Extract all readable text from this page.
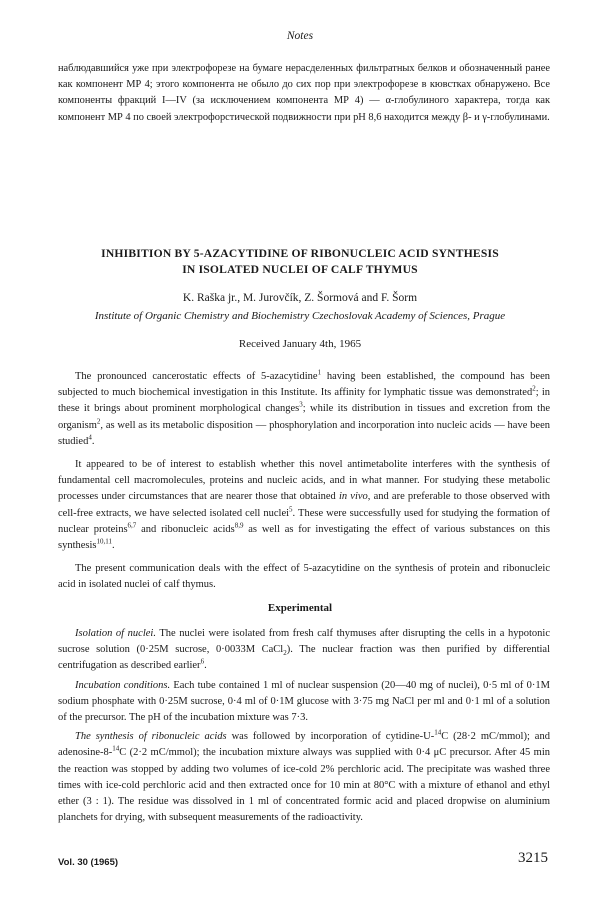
Notes
наблюдавшийся уже при электрофорезе на бумаге нерасделенных фильтратных белков и обозначенный ранее как компонент МР 4; этого компонента не обыло до сих пор при электрофорезе в кювстках обнаружено. Все компоненты фракций I—IV (за исключением компонента МР 4) — α-глобулиного характера, тогда как компонент МР 4 по своей электрофорстической подвижности при pH 8,6 находится между β- и γ-глобулинами.
INHIBITION BY 5-AZACYTIDINE OF RIBONUCLEIC ACID SYNTHESIS
IN ISOLATED NUCLEI OF CALF THYMUS
K. Raška jr., M. Jurovčík, Z. Šormová and F. Šorm
Institute of Organic Chemistry and Biochemistry Czechoslovak Academy of Sciences, Prague
Received January 4th, 1965

The pronounced cancerostatic effects of 5-azacytidine$^1$ having been established, the compound has been subjected to much biochemical investigation in this Institute. Its affinity for lymphatic tissue was demonstrated$^2$; in these it brings about prominent morphological changes$^3$; while its distribution in tissues and excretion from the organism$^2$, as well as its metabolic disposition — phosphorylation and incorporation into nucleic acids — have been studied$^4$.

It appeared to be of interest to establish whether this novel antimetabolite interferes with the synthesis of fundamental cell macromolecules, proteins and nucleic acids, and in what manner. For studying these metabolic processes under circumstances that are nearer those that obtained in vivo, and are preferable to those observed with cell-free extracts, we have selected isolated cell nuclei$^5$. These were successfully used for studying the formation of nuclear proteins$^{6,7}$ and ribonucleic acids$^{8,9}$ as well as for investigating the effect of various substances on this synthesis$^{10,11}$.

The present communication deals with the effect of 5-azacytidine on the synthesis of protein and ribonucleic acid in isolated nuclei of calf thymus.

Experimental

Isolation of nuclei. The nuclei were isolated from fresh calf thymuses after disrupting the cells in a hypotonic sucrose solution (0·25M sucrose, 0·0033M CaCl$_2$). The nuclear fraction was then purified by differential centrifugation as described earlier$^6$.

Incubation conditions. Each tube contained 1 ml of nuclear suspension (20—40 mg of nuclei), 0·5 ml of 0·1M sodium phosphate with 0·25M sucrose, 0·4 ml of 0·1M glucose with 3·75 mg NaCl per ml and 0·1 ml of a solution of the precursor. The pH of the incubation mixture was 7·3.

The synthesis of ribonucleic acids was followed by incorporation of cytidine-U-$^{14}$C (28·2 mC/mmol); and adenosine-8-$^{14}$C (2·2 mC/mmol); the incubation mixture always was supplied with 0·4 μC precursor. After 45 min the reaction was stopped by adding two volumes of ice-cold 2% perchloric acid. The precipitate was washed three times with ice-cold perchloric acid and then extracted once for 10 min at 80°C with a mixture of ethanol and ethyl ether (3 : 1). The residue was dissolved in 1 ml of concentrated formic acid and placed dropwise on aluminium planchets for drying, with subsequent measurements of the radioactivity.

Vol. 30 (1965)	3215
